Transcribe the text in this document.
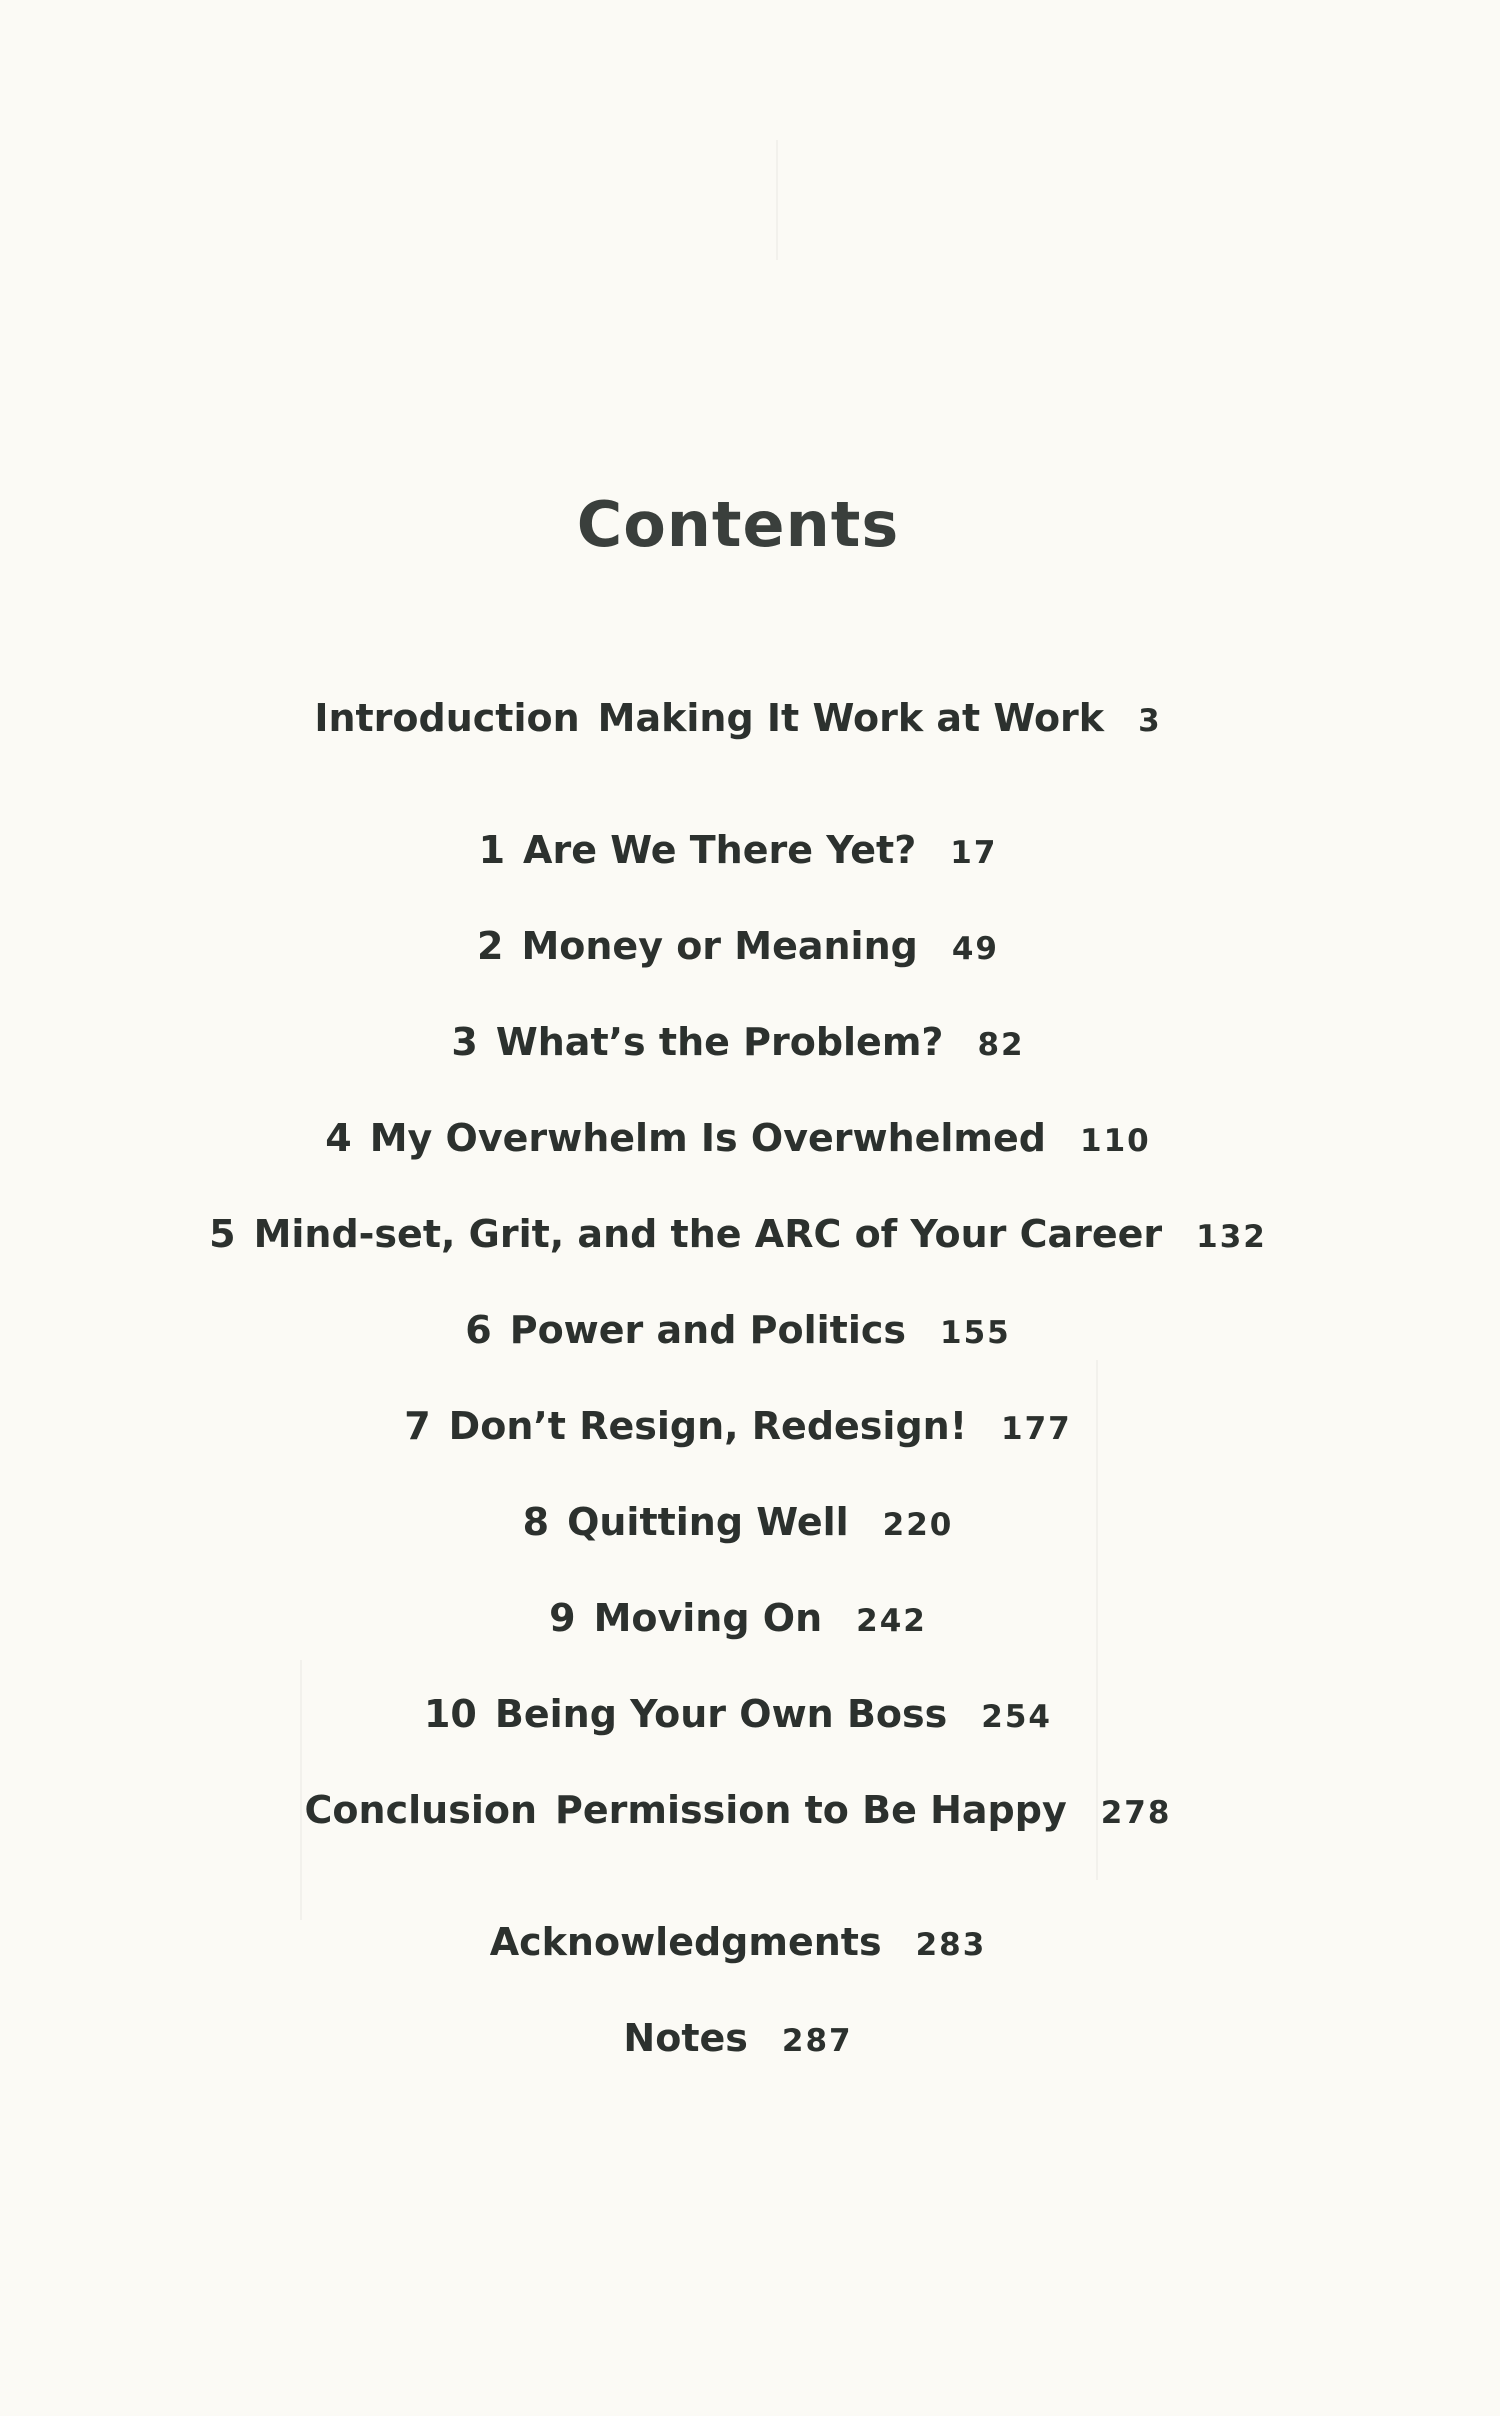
Contents
Introduction Making It Work at Work 3
1 Are We There Yet? 17
2 Money or Meaning 49
3 What’s the Problem? 82
4 My Overwhelm Is Overwhelmed 110
5 Mind-set, Grit, and the ARC of Your Career 132
6 Power and Politics 155
7 Don’t Resign, Redesign! 177
8 Quitting Well 220
9 Moving On 242
10 Being Your Own Boss 254
Conclusion Permission to Be Happy 278
Acknowledgments 283
Notes 287
